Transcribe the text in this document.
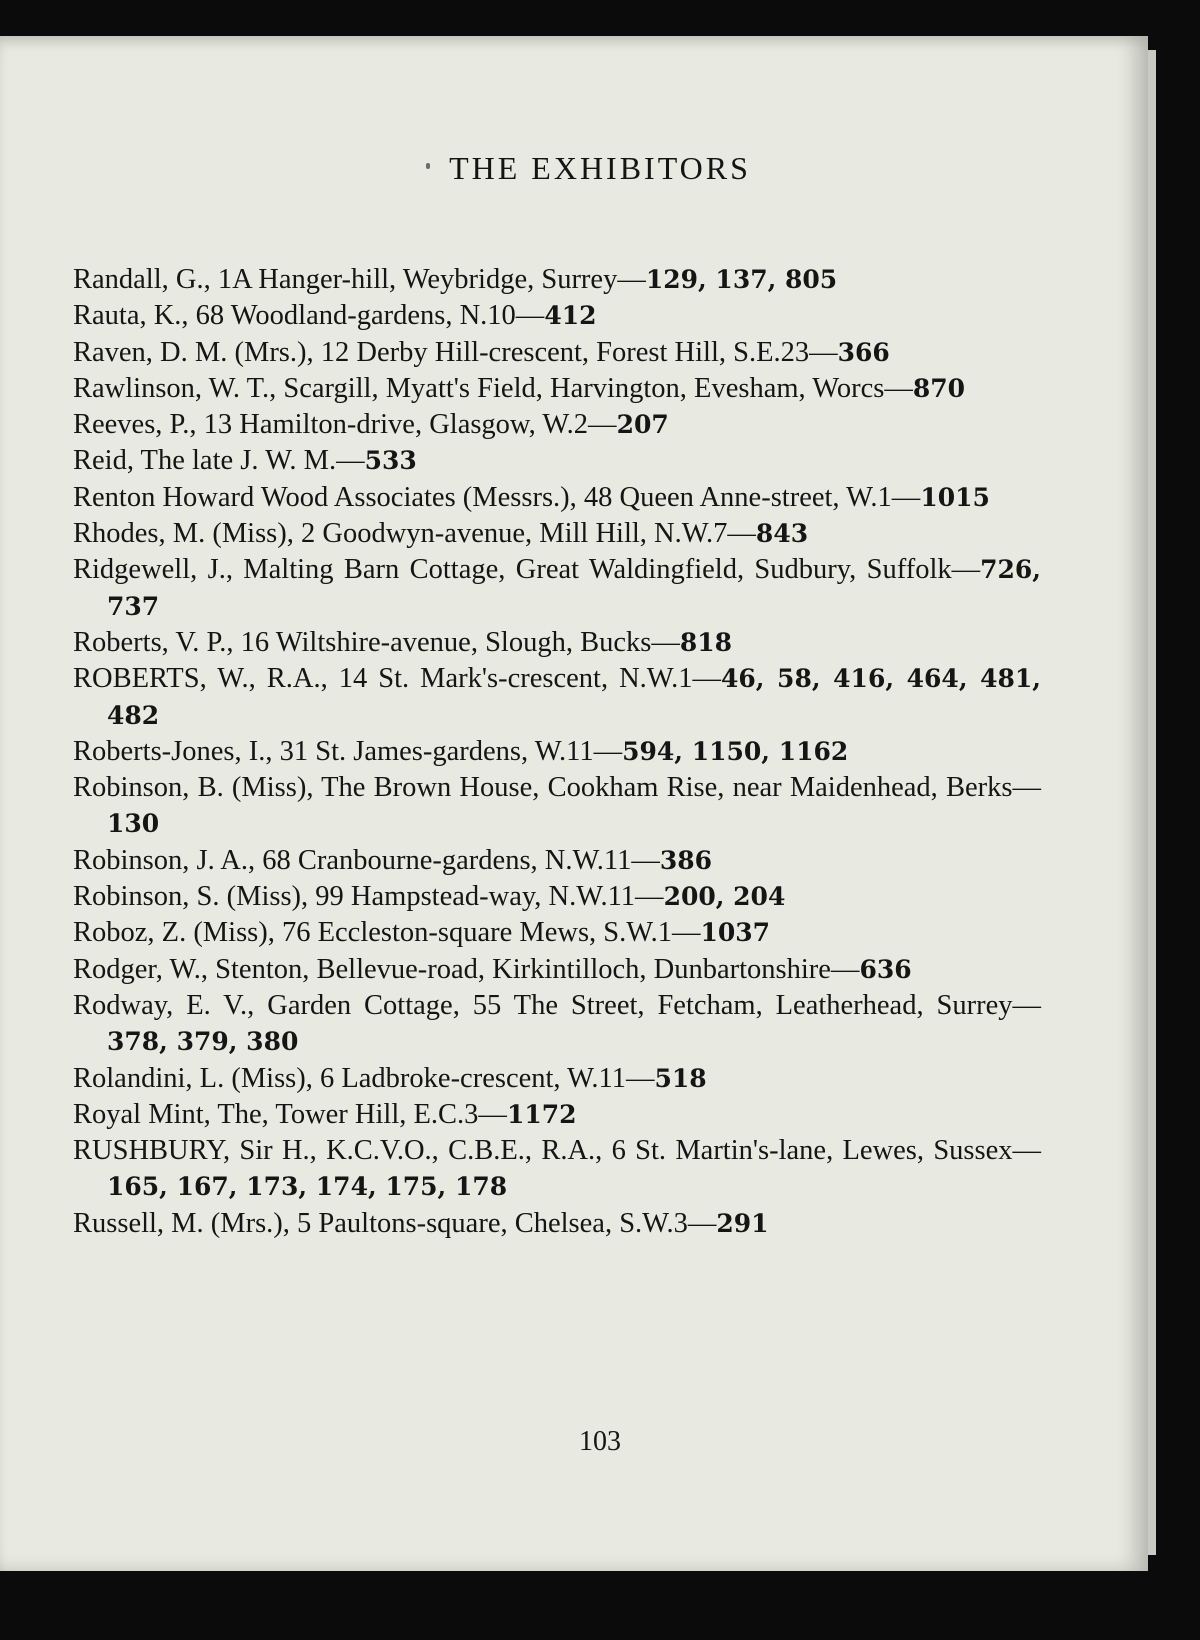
THE EXHIBITORS
Randall, G., 1A Hanger-hill, Weybridge, Surrey—129, 137, 805
Rauta, K., 68 Woodland-gardens, N.10—412
Raven, D. M. (Mrs.), 12 Derby Hill-crescent, Forest Hill, S.E.23—366
Rawlinson, W. T., Scargill, Myatt's Field, Harvington, Evesham, Worcs—870
Reeves, P., 13 Hamilton-drive, Glasgow, W.2—207
Reid, The late J. W. M.—533
Renton Howard Wood Associates (Messrs.), 48 Queen Anne-street, W.1—1015
Rhodes, M. (Miss), 2 Goodwyn-avenue, Mill Hill, N.W.7—843
Ridgewell, J., Malting Barn Cottage, Great Waldingfield, Sudbury, Suffolk—726, 737
Roberts, V. P., 16 Wiltshire-avenue, Slough, Bucks—818
ROBERTS, W., R.A., 14 St. Mark's-crescent, N.W.1—46, 58, 416, 464, 481, 482
Roberts-Jones, I., 31 St. James-gardens, W.11—594, 1150, 1162
Robinson, B. (Miss), The Brown House, Cookham Rise, near Maidenhead, Berks—130
Robinson, J. A., 68 Cranbourne-gardens, N.W.11—386
Robinson, S. (Miss), 99 Hampstead-way, N.W.11—200, 204
Roboz, Z. (Miss), 76 Eccleston-square Mews, S.W.1—1037
Rodger, W., Stenton, Bellevue-road, Kirkintilloch, Dunbartonshire—636
Rodway, E. V., Garden Cottage, 55 The Street, Fetcham, Leatherhead, Surrey—378, 379, 380
Rolandini, L. (Miss), 6 Ladbroke-crescent, W.11—518
Royal Mint, The, Tower Hill, E.C.3—1172
RUSHBURY, Sir H., K.C.V.O., C.B.E., R.A., 6 St. Martin's-lane, Lewes, Sussex—165, 167, 173, 174, 175, 178
Russell, M. (Mrs.), 5 Paultons-square, Chelsea, S.W.3—291
103
